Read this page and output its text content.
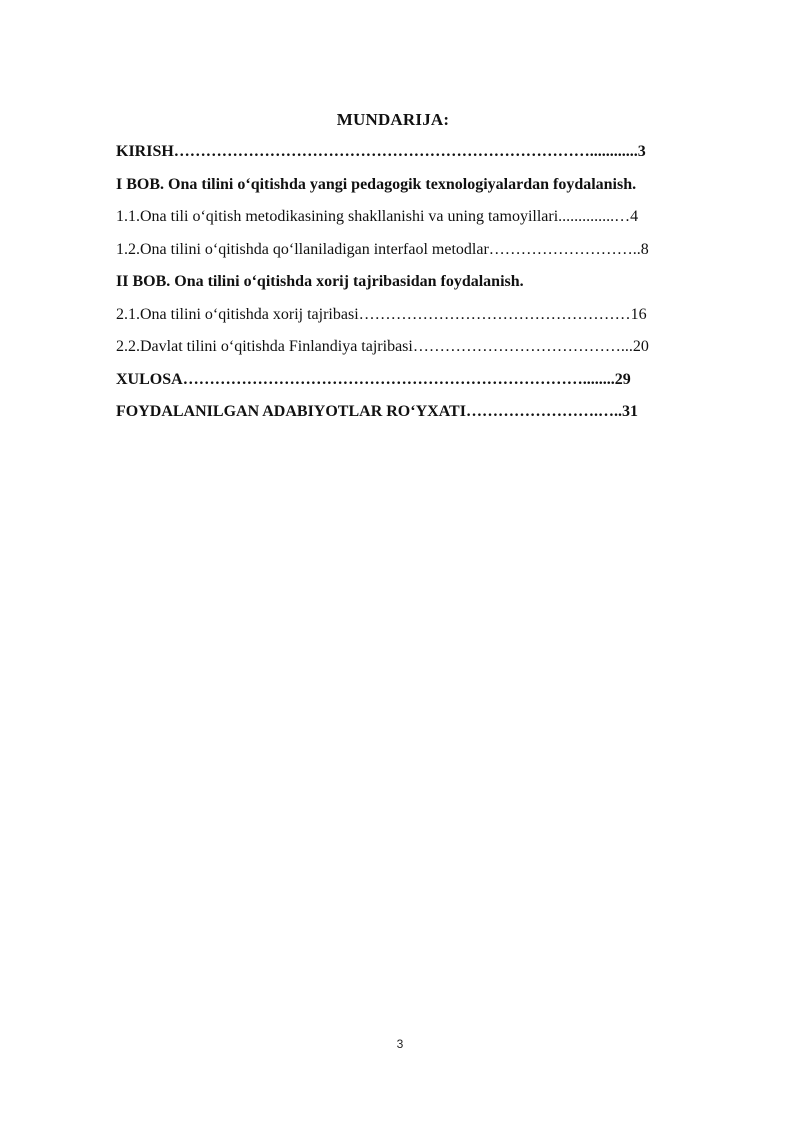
MUNDARIJA:
KIRISH……………………………………………………………………............3
I BOB. Ona tilini o‘qitishda yangi pedagogik texnologiyalardan foydalanish.
1.1.Ona tili o‘qitish metodikasining shakllanishi va uning tamoyillari..............…4
1.2.Ona tilini o‘qitishda qo‘llaniladigan interfaol metodlar………………………..8
II BOB. Ona tilini o‘qitishda xorij tajribasidan foydalanish.
2.1.Ona tilini o‘qitishda xorij tajribasi……………………………………………16
2.2.Davlat tilini o‘qitishda Finlandiya tajribasi…………………………………...20
XULOSA…………………………………………………………………........29
FOYDALANILGAN ADABIYOTLAR RO‘YXATI…………………….…..31
3
